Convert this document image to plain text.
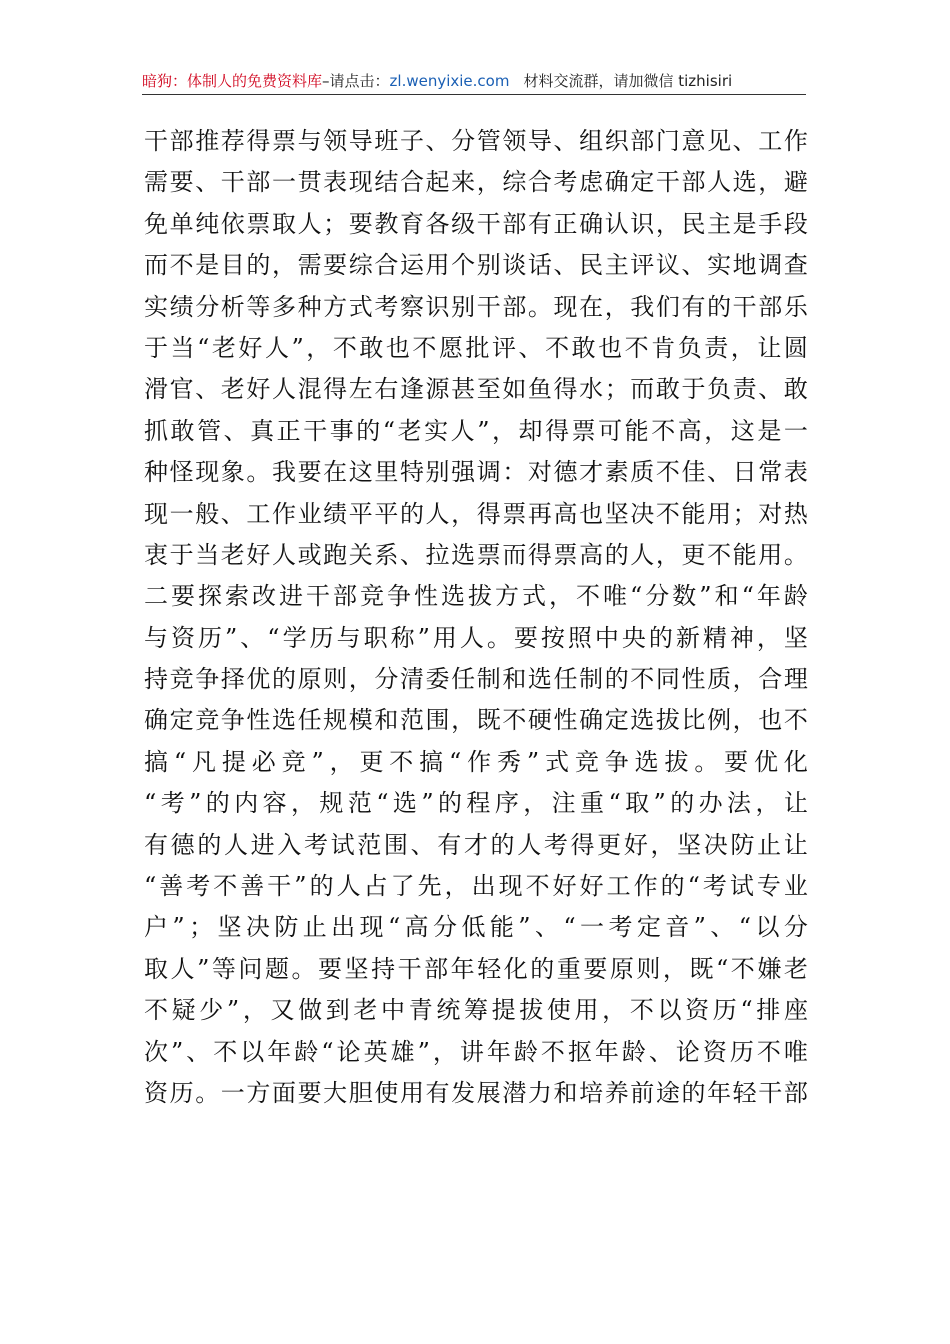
暗狗：体制人的免费资料库–请点击：zl.wenyixie.com 材料交流群，请加微信 tizhisiri
干 部 推 荐 得 票 与 领 导 班 子 、 分 管 领 导 、 组 织 部 门 意 见 、 工 作
需 要 、 干 部 一 贯 表 现 结 合 起 来 ， 综 合 考 虑 确 定 干 部 人 选 ， 避
免 单 纯 依 票 取 人 ； 要 教 育 各 级 干 部 有 正 确 认 识 ， 民 主 是 手 段
而 不 是 目 的 ， 需 要 综 合 运 用 个 别 谈 话 、 民 主 评 议 、 实 地 调 查
实 绩 分 析 等 多 种 方 式 考 察 识 别 干 部 。 现 在 ， 我 们 有 的 干 部 乐
于 当 “ 老 好 人 ” ， 不 敢 也 不 愿 批 评 、 不 敢 也 不 肯 负 责 ， 让 圆
滑 官 、 老 好 人 混 得 左 右 逢 源 甚 至 如 鱼 得 水 ； 而 敢 于 负 责 、 敢
抓 敢 管 、 真 正 干 事 的 “ 老 实 人 ” ， 却 得 票 可 能 不 高 ， 这 是 一
种 怪 现 象 。 我 要 在 这 里 特 别 强 调 ： 对 德 才 素 质 不 佳 、 日 常 表
现 一 般 、 工 作 业 绩 平 平 的 人 ， 得 票 再 高 也 坚 决 不 能 用 ； 对 热
衷 于 当 老 好 人 或 跑 关 系 、 拉 选 票 而 得 票 高 的 人 ， 更 不 能 用 。
二 要 探 索 改 进 干 部 竞 争 性 选 拔 方 式 ， 不 唯 “ 分 数 ” 和 “ 年 龄
与 资 历 ” 、 “ 学 历 与 职 称 ” 用 人 。 要 按 照 中 央 的 新 精 神 ， 坚
持 竞 争 择 优 的 原 则 ， 分 清 委 任 制 和 选 任 制 的 不 同 性 质 ， 合 理
确 定 竞 争 性 选 任 规 模 和 范 围 ， 既 不 硬 性 确 定 选 拔 比 例 ， 也 不
搞 “ 凡 提 必 竞 ” ， 更 不 搞 “ 作 秀 ” 式 竞 争 选 拔 。 要 优 化
“ 考 ” 的 内 容 ， 规 范 “ 选 ” 的 程 序 ， 注 重 “ 取 ” 的 办 法 ， 让
有 德 的 人 进 入 考 试 范 围 、 有 才 的 人 考 得 更 好 ， 坚 决 防 止 让
“ 善 考 不 善 干 ” 的 人 占 了 先 ， 出 现 不 好 好 工 作 的 “ 考 试 专 业
户 ” ； 坚 决 防 止 出 现 “ 高 分 低 能 ” 、 “ 一 考 定 音 ” 、 “ 以 分
取 人 ” 等 问 题 。 要 坚 持 干 部 年 轻 化 的 重 要 原 则 ， 既 “ 不 嫌 老
不 疑 少 ” ， 又 做 到 老 中 青 统 筹 提 拔 使 用 ， 不 以 资 历 “ 排 座
次 ” 、 不 以 年 龄 “ 论 英 雄 ” ， 讲 年 龄 不 抠 年 龄 、 论 资 历 不 唯
资 历 。 一 方 面 要 大 胆 使 用 有 发 展 潜 力 和 培 养 前 途 的 年 轻 干 部
